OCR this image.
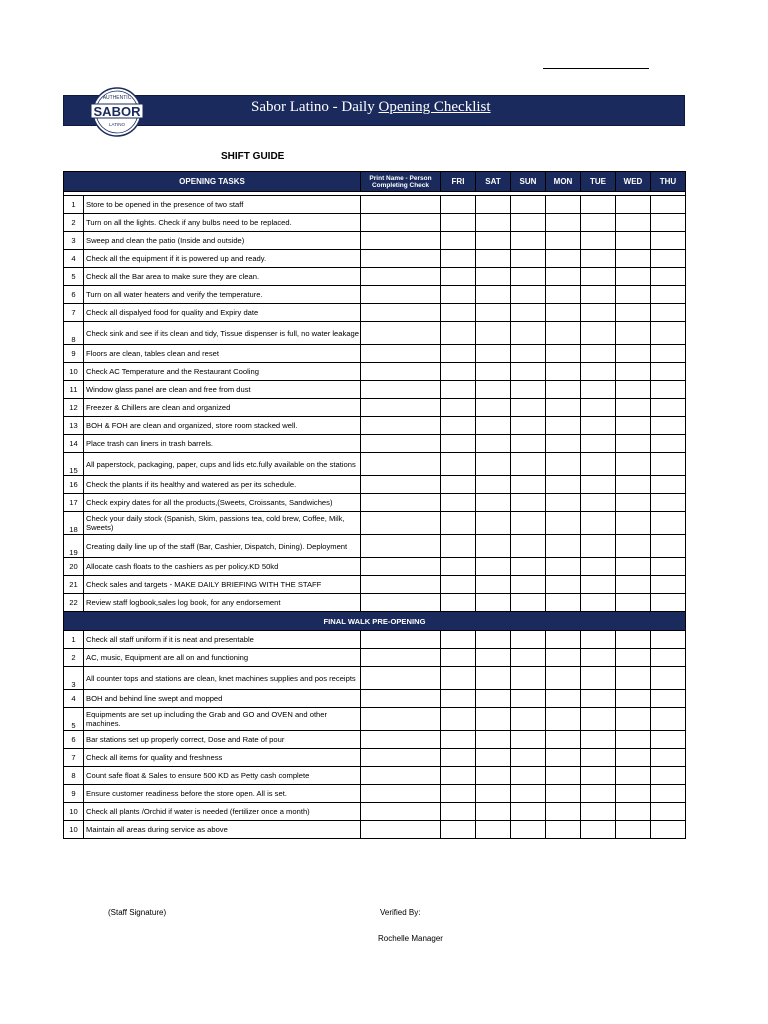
AUTHENTIC
SABOR
LATINO
Sabor Latino - Daily Opening Checklist
SHIFT GUIDE
OPENING TASKS		Print Name - Person Completing Check	FRI	SAT	SUN	MON	TUE	WED	THU

1	Store to be opened in the presence of two staff								
2	Turn on all the lights. Check if any bulbs need to be replaced.								
3	Sweep and clean the patio (Inside and outside)								
4	Check all the equipment if it is powered up and ready.								
5	Check all the Bar area to make sure they are clean.								
6	Turn on all water heaters and verify the temperature.								
7	Check all dispalyed food for quality and Expiry date								
8	Check sink and see if its clean and tidy, Tissue dispenser is full, no water leakage								
9	Floors are clean, tables clean and reset								
10	Check AC Temperature and the Restaurant Cooling								
11	Window glass panel are clean and free from dust								
12	Freezer & Chillers are clean and organized								
13	BOH & FOH are clean and organized, store room stacked well.								
14	Place trash can liners in trash barrels.								
15	All paperstock, packaging, paper, cups and lids etc.fully available on the stations								
16	Check the plants if its healthy and watered as per its schedule.								
17	Check expiry dates for all the products,(Sweets, Croissants, Sandwiches)								
18	Check your daily stock (Spanish, Skim, passions tea, cold brew, Coffee, Milk, Sweets)								
19	Creating daily line up of the staff (Bar, Cashier, Dispatch, Dining). Deployment								
20	Allocate cash floats to the cashiers as per policy.KD 50kd								
21	Check sales and targets - MAKE DAILY BRIEFING WITH THE STAFF								
22	Review staff logbook,sales log book, for any endorsement								
FINAL WALK PRE-OPENING									
1	Check all staff uniform if it is neat and presentable								
2	AC, music, Equipment are all on and functioning								
3	All counter tops and stations are clean, knet machines supplies and pos receipts								
4	BOH and behind line swept and mopped								
5	Equipments are set up including the Grab and GO and OVEN and other machines.								
6	Bar stations set up properly correct, Dose and Rate of pour								
7	Check all items for quality and freshness								
8	Count safe float & Sales to ensure 500 KD as Petty cash complete								
9	Ensure customer readiness before the store open. All is set.								
10	Check all plants /Orchid if water is needed (fertilizer once a month)								
10	Maintain all areas during service as above								
(Staff Signature)	Verified By:
Rochelle Manager
